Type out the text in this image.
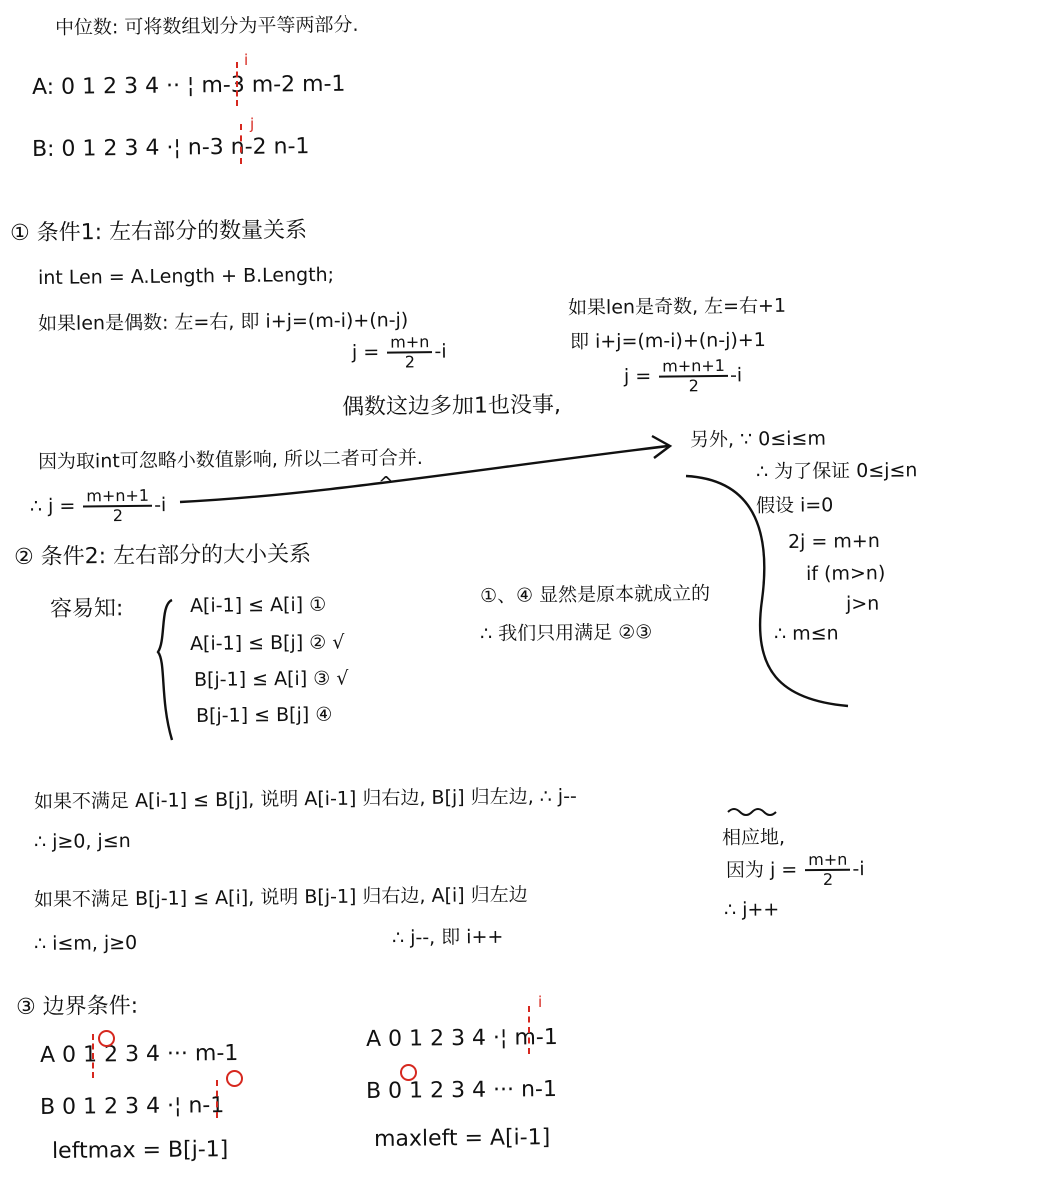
中位数: 可将数组划分为平等两部分.
A: 0 1 2 3 4 ·· ¦ m-3 m-2 m-1
B: 0 1 2 3 4 ·¦ n-3 n-2 n-1
i
j
① 条件1: 左右部分的数量关系
int Len = A.Length + B.Length;
如果len是偶数: 左=右, 即 i+j=(m-i)+(n-j)
$j = \frac{m+n}{2} -i$
如果len是奇数, 左=右+1
即 i+j=(m-i)+(n-j)+1
$j = \frac{m+n+1}{2} -i$
偶数这边多加1也没事,
因为取int可忽略小数值影响, 所以二者可合并.
^
∴ $j = \frac{m+n+1}{2} -i$
另外, ∵ 0≤i≤m
∴ 为了保证 0≤j≤n
假设 i=0
2j = m+n
if (m>n)
j>n
∴ m≤n
② 条件2: 左右部分的大小关系
容易知:	A[i-1] ≤ A[i] ①
A[i-1] ≤ B[j] ② √
B[j-1] ≤ A[i] ③ √
B[j-1] ≤ B[j] ④
①、④ 显然是原本就成立的
∴ 我们只用满足 ②③
如果不满足 A[i-1] ≤ B[j], 说明 A[i-1] 归右边, B[j] 归左边, ∴ j--
∴ j≥0, j≤n
如果不满足 B[j-1] ≤ A[i], 说明 B[j-1] 归右边, A[i] 归左边
∴ i≤m, j≥0	∴ j--, 即 i++
相应地,
因为 $j = \frac{m+n}{2} -i$
∴ j++
③ 边界条件:
A 0 1 2 3 4 ··· m-1
B 0 1 2 3 4 ·¦ n-1
leftmax = B[j-1]
A 0 1 2 3 4 ·¦ m-1
B 0 1 2 3 4 ··· n-1
maxleft = A[i-1]
i
